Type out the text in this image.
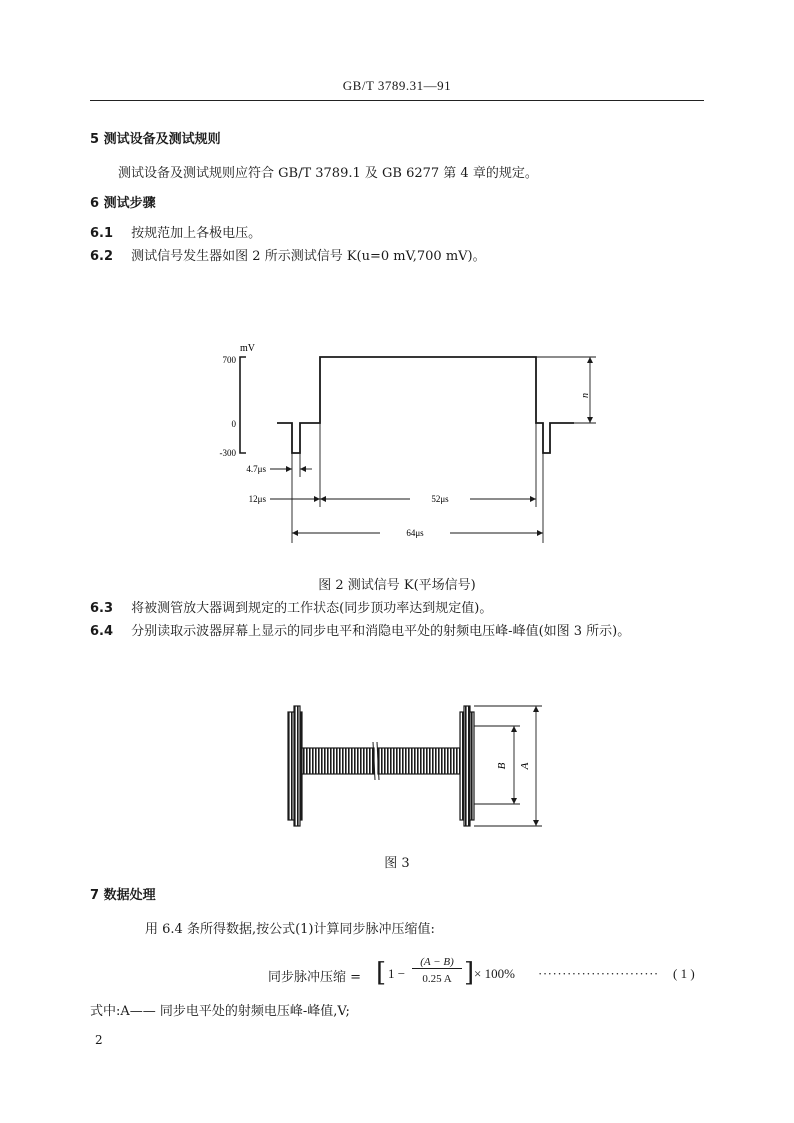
GB/T 3789.31—91
5 测试设备及测试规则
测试设备及测试规则应符合 GB/T 3789.1 及 GB 6277 第 4 章的规定。
6 测试步骤
6.1 按规范加上各极电压。
6.2 测试信号发生器如图 2 所示测试信号 K(u=0 mV,700 mV)。
mV
700
0
-300
u
4.7μs
12μs	52μs
64μs
图 2 测试信号 K(平场信号)
6.3 将被测管放大器调到规定的工作状态(同步顶功率达到规定值)。
6.4 分别读取示波器屏幕上显示的同步电平和消隐电平处的射频电压峰-峰值(如图 3 所示)。
B A
图 3
7 数据处理
用 6.4 条所得数据,按公式(1)计算同步脉冲压缩值:
同步脉冲压缩 = [ 1 −
(A − B)
0.25 A ] × 100% ························· ( 1 )
式中:A—— 同步电平处的射频电压峰-峰值,V;
2
